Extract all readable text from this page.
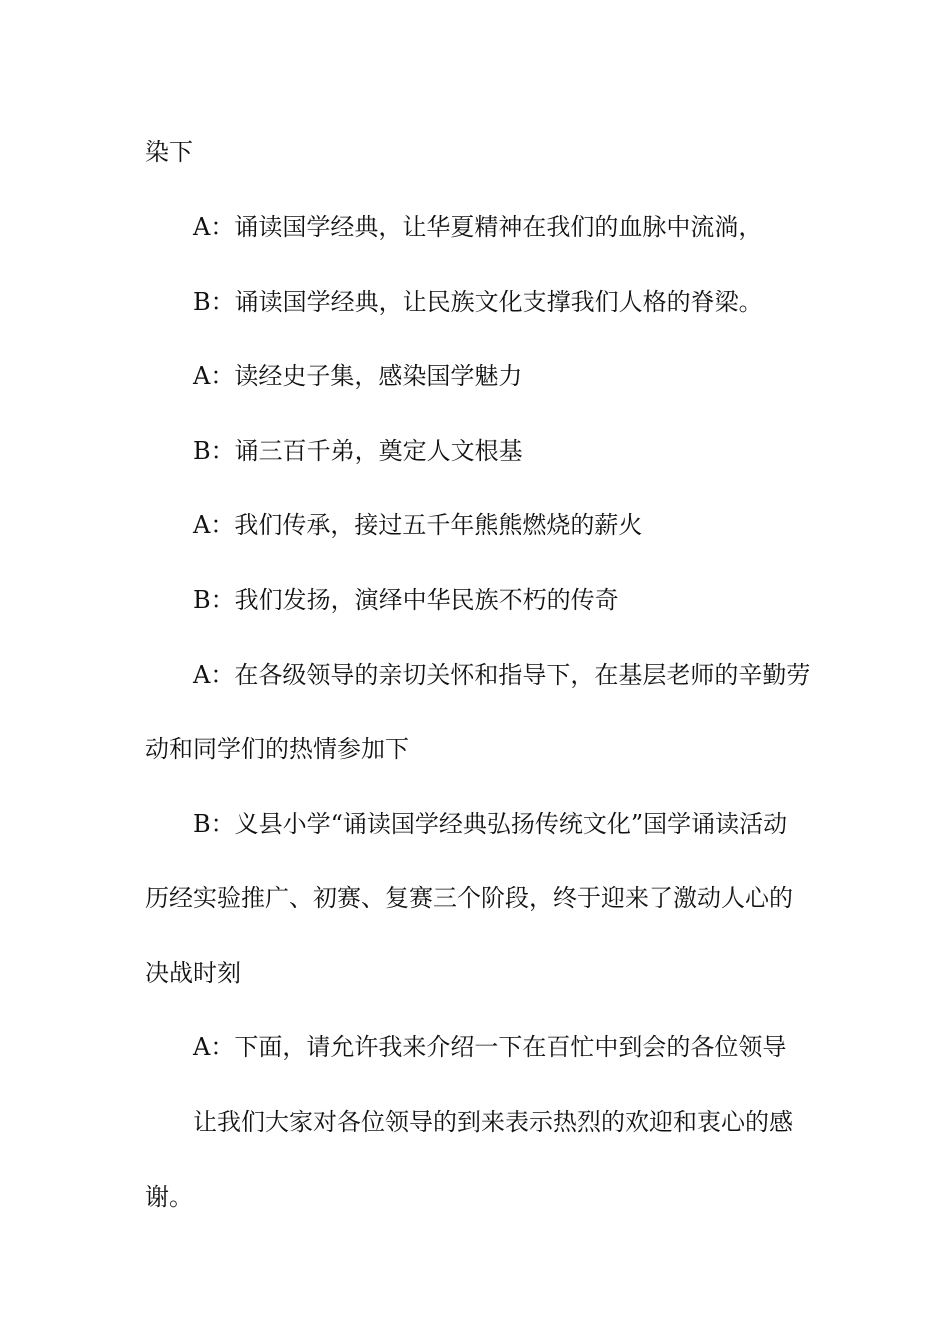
染下
A：诵读国学经典，让华夏精神在我们的血脉中流淌，
B：诵读国学经典，让民族文化支撑我们人格的脊梁。
A：读经史子集，感染国学魅力
B：诵三百千弟，奠定人文根基
A：我们传承，接过五千年熊熊燃烧的薪火
B：我们发扬，演绎中华民族不朽的传奇
A：在各级领导的亲切关怀和指导下，在基层老师的辛勤劳
动和同学们的热情参加下
B：义县小学“诵读国学经典弘扬传统文化”国学诵读活动
历经实验推广、初赛、复赛三个阶段，终于迎来了激动人心的
决战时刻
A：下面，请允许我来介绍一下在百忙中到会的各位领导
让我们大家对各位领导的到来表示热烈的欢迎和衷心的感
谢。
